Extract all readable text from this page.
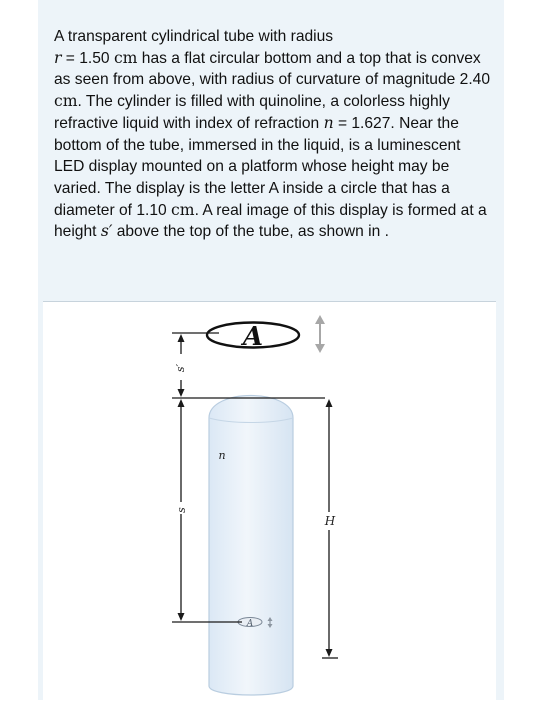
A transparent cylindrical tube with radius
r = 1.50 cm has a flat circular bottom and a top that is convex as seen from above, with radius of curvature of magnitude 2.40 cm. The cylinder is filled with quinoline, a colorless highly refractive liquid with index of refraction n = 1.627. Near the bottom of the tube, immersed in the liquid, is a luminescent LED display mounted on a platform whose height may be varied. The display is the letter A inside a circle that has a diameter of 1.10 cm. A real image of this display is formed at a height s′ above the top of the tube, as shown in .
A
A
s′
s
n
H
